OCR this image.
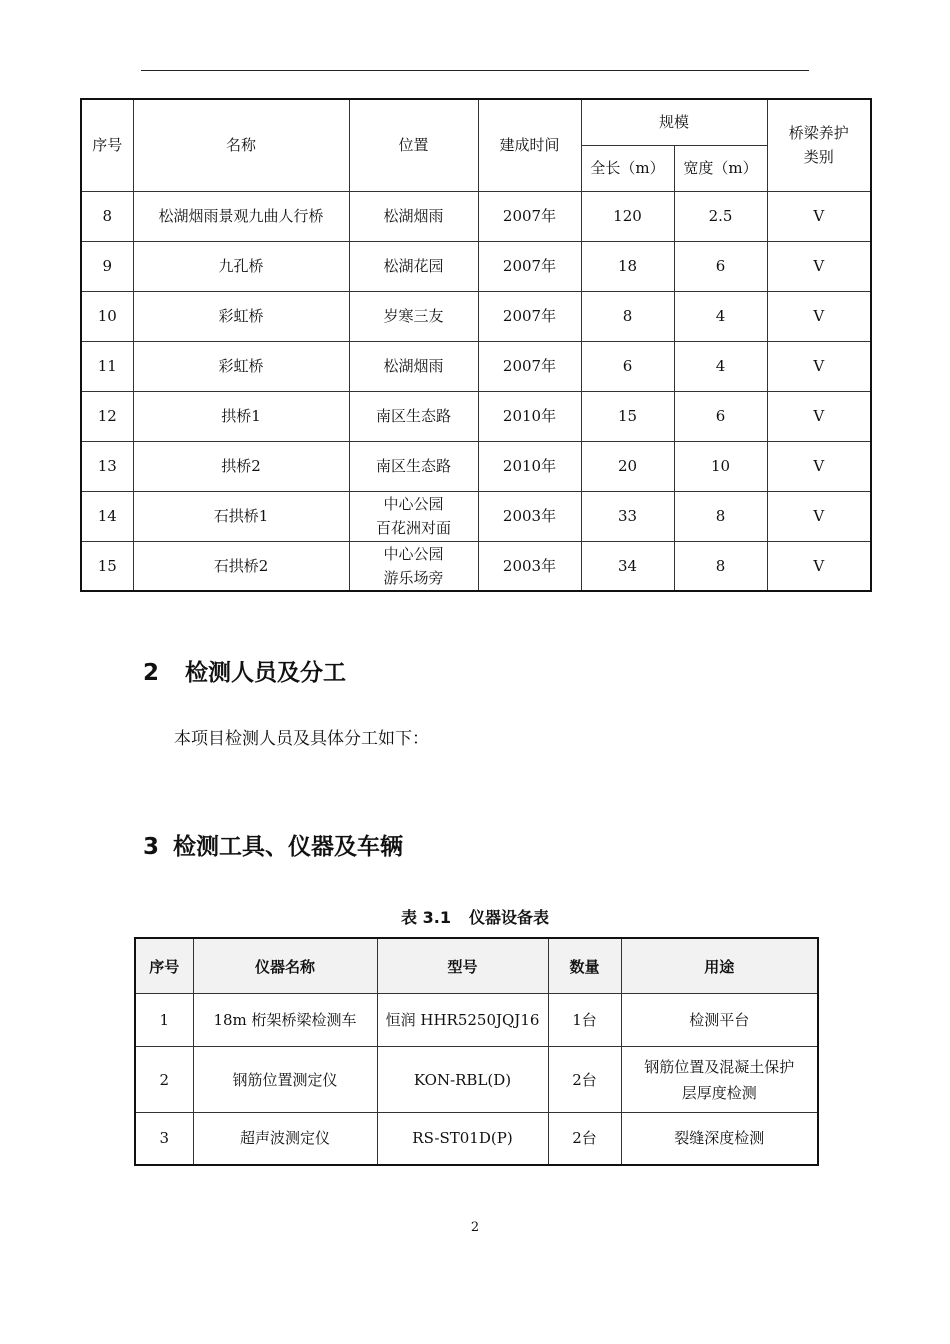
序号	名称	位置	建成时间	规模		桥梁养护类别
				全长（m）	宽度（m）	
8	松湖烟雨景观九曲人行桥	松湖烟雨	2007年	120	2.5	Ⅴ
9	九孔桥	松湖花园	2007年	18	6	Ⅴ
10	彩虹桥	岁寒三友	2007年	8	4	Ⅴ
11	彩虹桥	松湖烟雨	2007年	6	4	Ⅴ
12	拱桥1	南区生态路	2010年	15	6	Ⅴ
13	拱桥2	南区生态路	2010年	20	10	Ⅴ
14	石拱桥1	中心公园
百花洲对面	2003年	33	8	Ⅴ
15	石拱桥2	中心公园
游乐场旁	2003年	34	8	Ⅴ
2 检测人员及分工
本项目检测人员及具体分工如下：
3 检测工具、仪器及车辆
表 3.1 仪器设备表
序号	仪器名称	型号	数量	用途
1	18m 桁架桥梁检测车	恒润 HHR5250JQJ16	1台	检测平台
2	钢筋位置测定仪	KON-RBL(D)	2台	钢筋位置及混凝土保护
层厚度检测

3	超声波测定仪	RS-ST01D(P)	2台	裂缝深度检测
2
